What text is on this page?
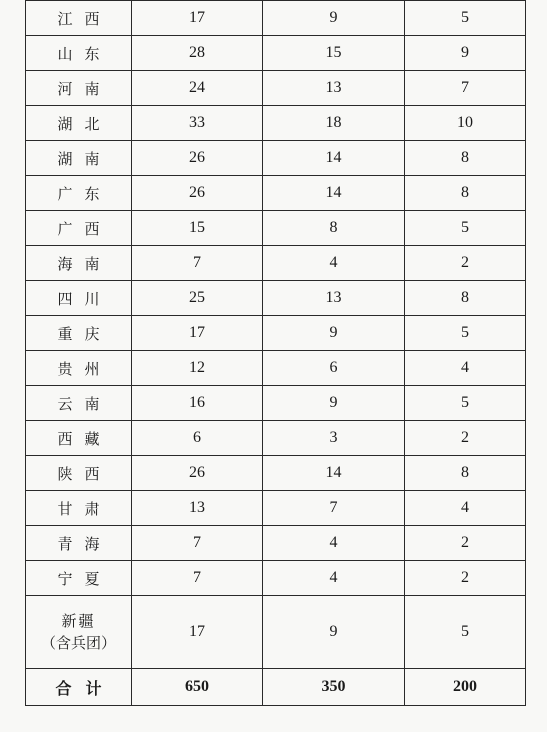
江西	17	9	5
山东	28	15	9
河南	24	13	7
湖北	33	18	10
湖南	26	14	8
广东	26	14	8
广西	15	8	5
海南	7	4	2
四川	25	13	8
重庆	17	9	5
贵州	12	6	4
云南	16	9	5
西藏	6	3	2
陕西	26	14	8
甘肃	13	7	4
青海	7	4	2
宁夏	7	4	2

新疆
（含兵团）	17	9	5
合计	650	350	200
